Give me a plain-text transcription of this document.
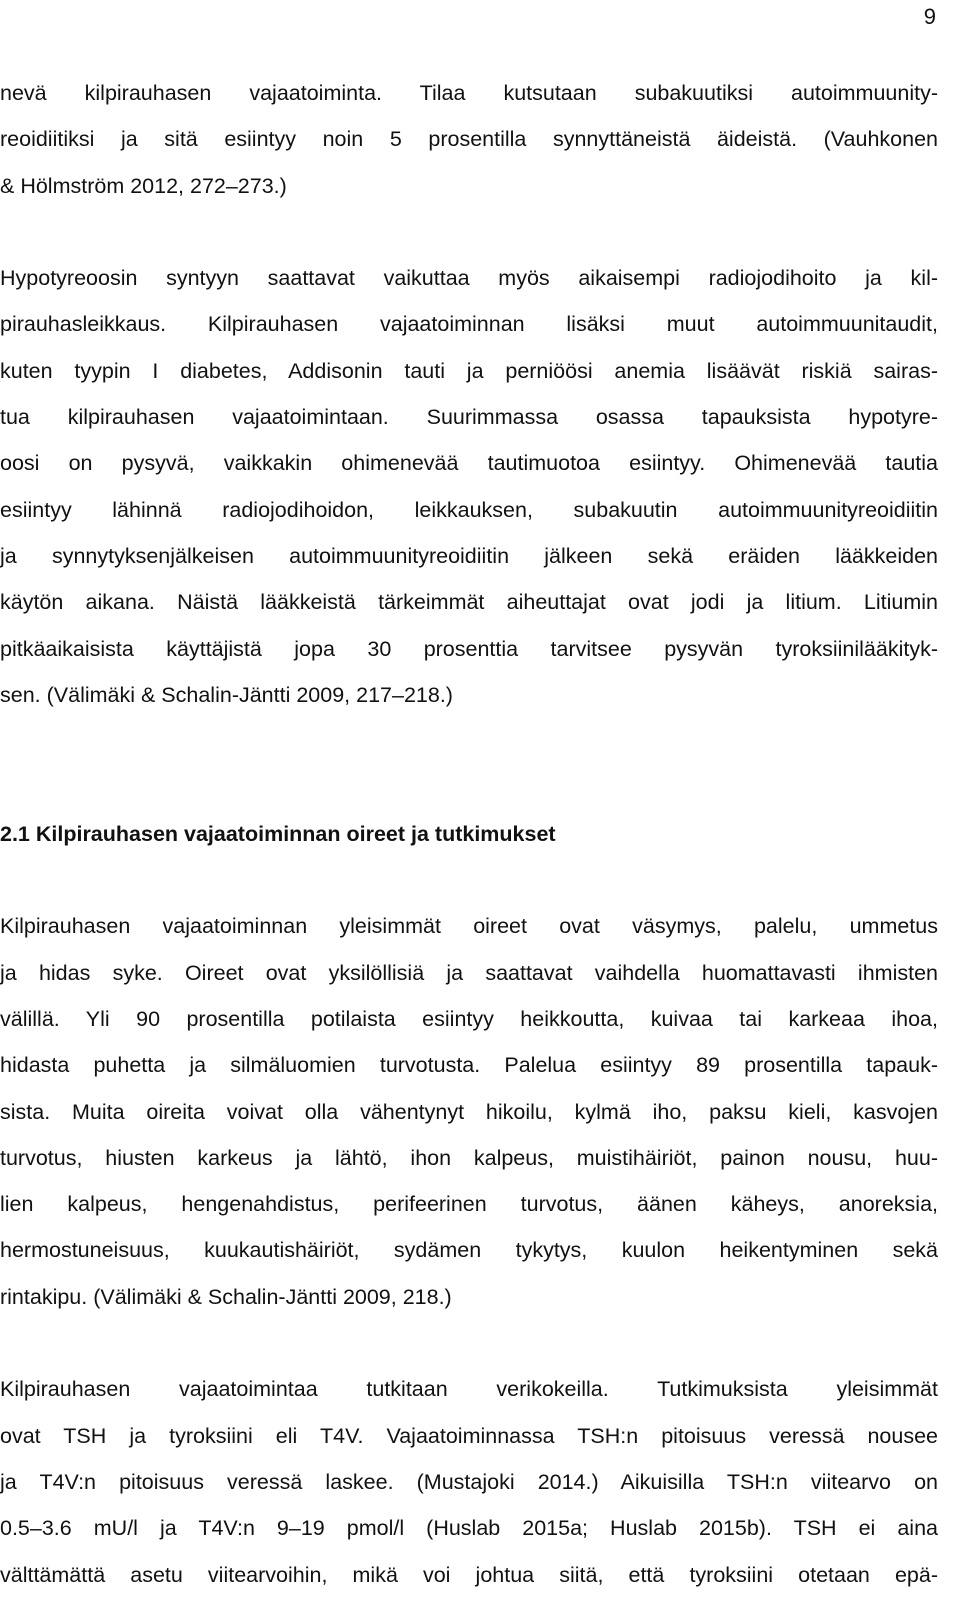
9

nevä kilpirauhasen vajaatoiminta. Tilaa kutsutaan subakuutiksi autoimmuunity-
reoidiitiksi ja sitä esiintyy noin 5 prosentilla synnyttäneistä äideistä. (Vauhkonen
& Hölmström 2012, 272–273.)

Hypotyreoosin syntyyn saattavat vaikuttaa myös aikaisempi radiojodihoito ja kil-
pirauhasleikkaus. Kilpirauhasen vajaatoiminnan lisäksi muut autoimmuunitaudit,
kuten tyypin I diabetes, Addisonin tauti ja perniöösi anemia lisäävät riskiä sairas-
tua kilpirauhasen vajaatoimintaan. Suurimmassa osassa tapauksista hypotyre-
oosi on pysyvä, vaikkakin ohimenevää tautimuotoa esiintyy. Ohimenevää tautia
esiintyy lähinnä radiojodihoidon, leikkauksen, subakuutin autoimmuunityreoidiitin
ja synnytyksenjälkeisen autoimmuunityreoidiitin jälkeen sekä eräiden lääkkeiden
käytön aikana. Näistä lääkkeistä tärkeimmät aiheuttajat ovat jodi ja litium. Litiumin
pitkäaikaisista käyttäjistä jopa 30 prosenttia tarvitsee pysyvän tyroksiinilääkityk-
sen. (Välimäki & Schalin-Jäntti 2009, 217–218.)

2.1 Kilpirauhasen vajaatoiminnan oireet ja tutkimukset

Kilpirauhasen vajaatoiminnan yleisimmät oireet ovat väsymys, palelu, ummetus
ja hidas syke. Oireet ovat yksilöllisiä ja saattavat vaihdella huomattavasti ihmisten
välillä. Yli 90 prosentilla potilaista esiintyy heikkoutta, kuivaa tai karkeaa ihoa,
hidasta puhetta ja silmäluomien turvotusta. Palelua esiintyy 89 prosentilla tapauk-
sista. Muita oireita voivat olla vähentynyt hikoilu, kylmä iho, paksu kieli, kasvojen
turvotus, hiusten karkeus ja lähtö, ihon kalpeus, muistihäiriöt, painon nousu, huu-
lien kalpeus, hengenahdistus, perifeerinen turvotus, äänen käheys, anoreksia,
hermostuneisuus, kuukautishäiriöt, sydämen tykytys, kuulon heikentyminen sekä
rintakipu. (Välimäki & Schalin-Jäntti 2009, 218.)

Kilpirauhasen vajaatoimintaa tutkitaan verikokeilla. Tutkimuksista yleisimmät
ovat TSH ja tyroksiini eli T4V. Vajaatoiminnassa TSH:n pitoisuus veressä nousee
ja T4V:n pitoisuus veressä laskee. (Mustajoki 2014.) Aikuisilla TSH:n viitearvo on
0.5–3.6 mU/l ja T4V:n 9–19 pmol/l (Huslab 2015a; Huslab 2015b). TSH ei aina
välttämättä asetu viitearvoihin, mikä voi johtua siitä, että tyroksiini otetaan epä-
